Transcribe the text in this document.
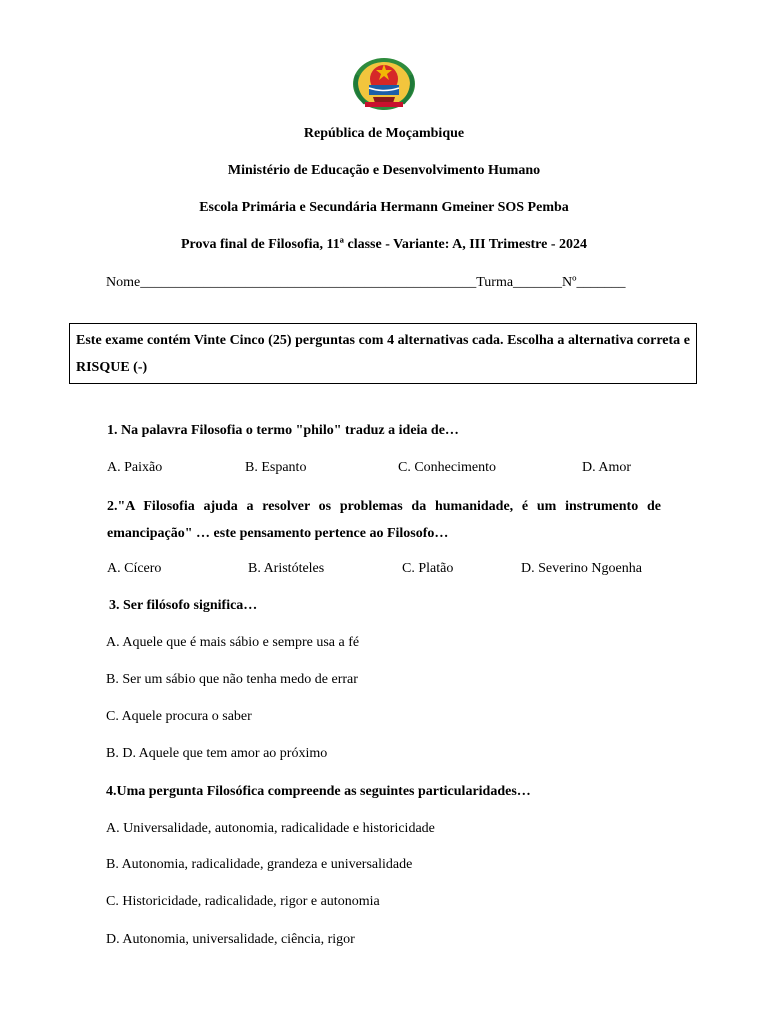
República de Moçambique
Ministério de Educação e Desenvolvimento Humano
Escola Primária e Secundária Hermann Gmeiner SOS Pemba
Prova final de Filosofia, 11ª classe - Variante: A, III Trimestre - 2024
Nome________________________________________________Turma_______Nº_______
Este exame contém Vinte Cinco (25) perguntas com 4 alternativas cada. Escolha a alternativa correta e RISQUE (-)
1. Na palavra Filosofia o termo "philo" traduz a ideia de…
A. Paixão	B. Espanto	C. Conhecimento	D. Amor
2."A Filosofia ajuda a resolver os problemas da humanidade, é um instrumento de emancipação" … este pensamento pertence ao Filosofo…
A. Cícero	B. Aristóteles	C. Platão	D. Severino Ngoenha
3. Ser filósofo significa…
A. Aquele que é mais sábio e sempre usa a fé
B. Ser um sábio que não tenha medo de errar
C. Aquele procura o saber
B. D. Aquele que tem amor ao próximo
4.Uma pergunta Filosófica compreende as seguintes particularidades…
A. Universalidade, autonomia, radicalidade e historicidade
B. Autonomia, radicalidade, grandeza e universalidade
C. Historicidade, radicalidade, rigor e autonomia
D. Autonomia, universalidade, ciência, rigor
